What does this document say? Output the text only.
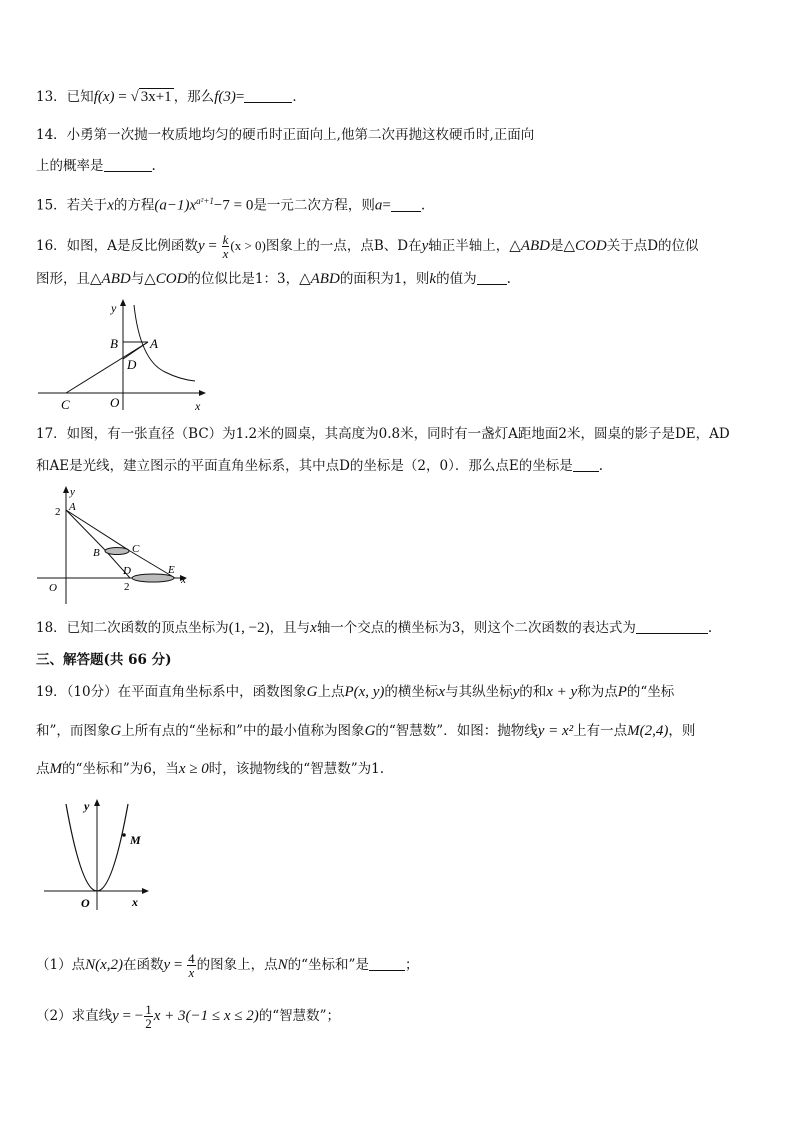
13．已知f(x) = √ 3x+1 ，那么f(3)=	．
14．小勇第一次抛一枚质地均匀的硬币时正面向上,他第二次再抛这枚硬币时,正面向
上的概率是	.
15．若关于x的方程$(a-1)x^{a^2+1}-7 = 0$是一元二次方程，则a= .
16．如图，A是反比例函数$y = \frac{k}{x} (x > 0)$图象上的一点，点B、D在y轴正半轴上，△ABD是△COD关于点D的位似
图形，且△ABD与△COD的位似比是1：3，△ABD的面积为1，则k的值为 .
y
x
B A
D
C	O
17．如图，有一张直径（BC）为1.2米的圆桌，其高度为0.8米，同时有一盏灯A距地面2米，圆桌的影子是DE，AD
和AE是光线，建立图示的平面直角坐标系，其中点D的坐标是（2，0）．那么点E的坐标是 .
y
2 A
B	C
D	E
x
O	2
18．已知二次函数的顶点坐标为(1, −2)，且与x轴一个交点的横坐标为3，则这个二次函数的表达式为	.
三、解答题(共 66 分)
19．（10分）在平面直角坐标系中，函数图象G上点P(x, y)的横坐标x与其纵坐标y的和x + y称为点P的“坐标
和”，而图象G上所有点的“坐标和”中的最小值称为图象G的“智慧数”．如图：抛物线y = x²上有一点M(2,4)，则
点M的“坐标和”为6，当x ≥ 0时，该抛物线的“智慧数”为1.
y
M
O	x
（1）点N(x,2)在函数$y = \frac{4}{x}$ 的图象上，点N的“坐标和”是	；
（2）求直线y = − $\frac{1}{2}$ x + 3(−1 ≤ x ≤ 2)的“智慧数”；
